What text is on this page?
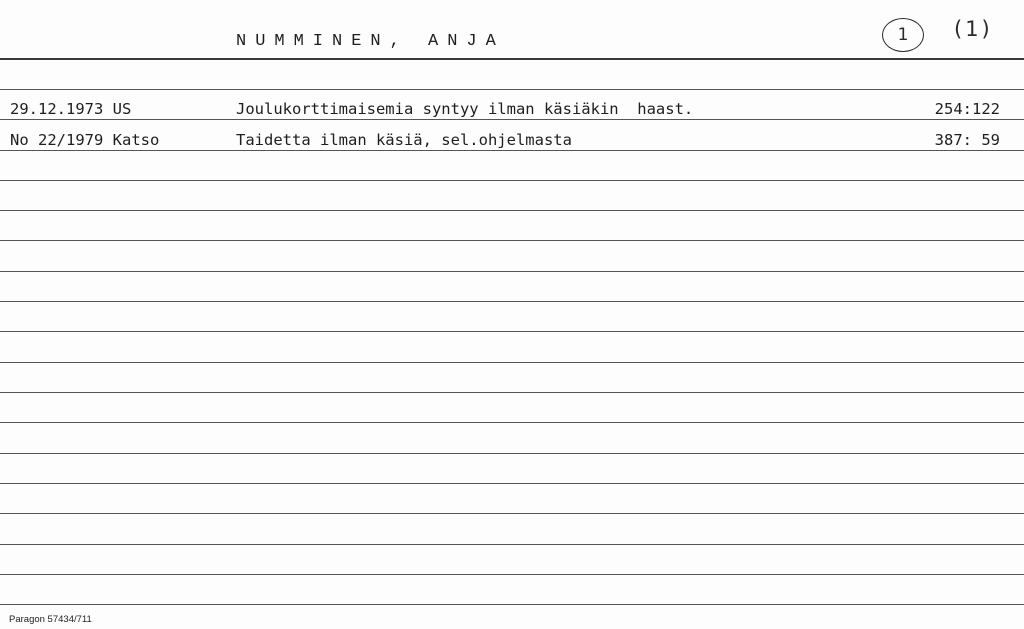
NUMMINEN, ANJA	1	(1)
29.12.1973 US	Joulukorttimaisemia syntyy ilman käsiäkin  haast.	254:122
No 22/1979 Katso	Taidetta ilman käsiä, sel.ohjelmasta	387: 59
Paragon 57434/711
